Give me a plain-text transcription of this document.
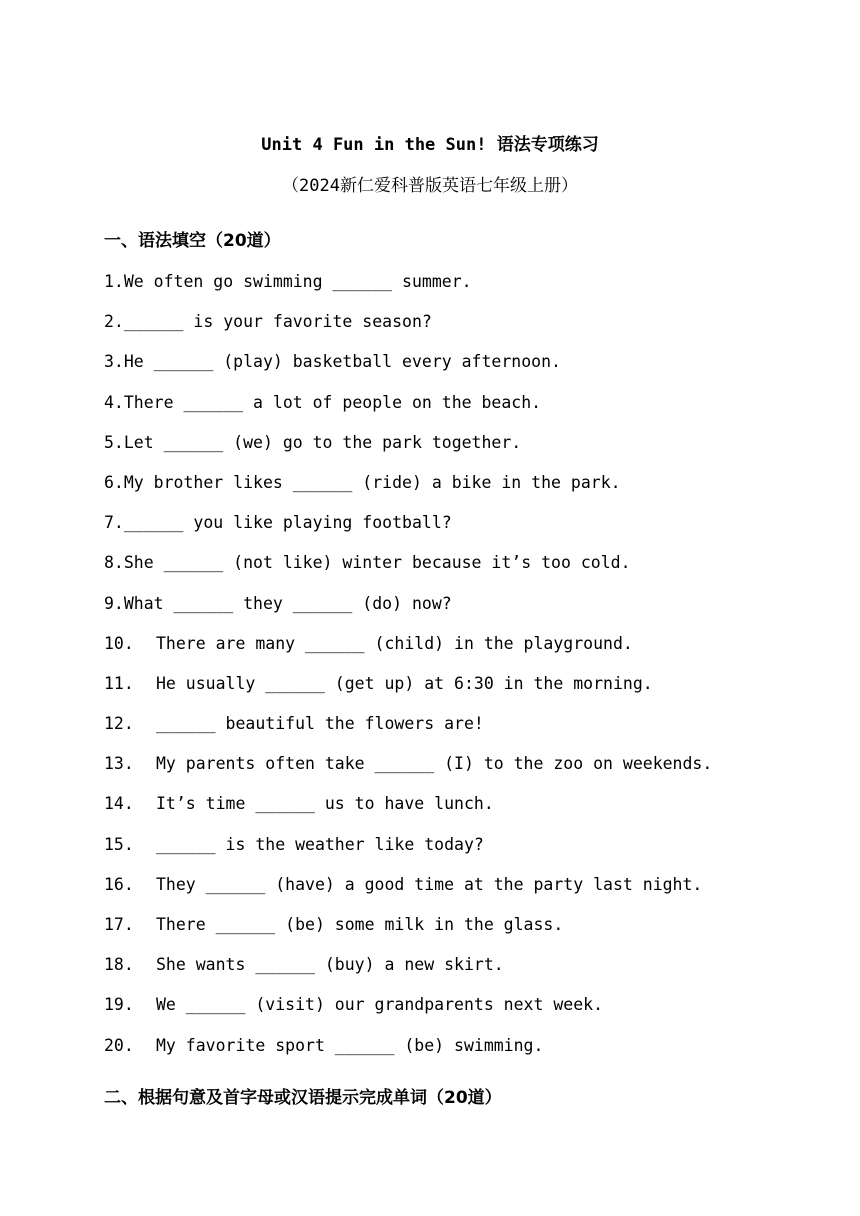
Unit 4 Fun in the Sun! 语法专项练习
（2024新仁爱科普版英语七年级上册）
一、语法填空（20道）
1. We often go swimming ______ summer.
2. ______ is your favorite season?
3. He ______ (play) basketball every afternoon.
4. There ______ a lot of people on the beach.
5. Let ______ (we) go to the park together.
6. My brother likes ______ (ride) a bike in the park.
7. ______ you like playing football?
8. She ______ (not like) winter because it’s too cold.
9. What ______ they ______ (do) now?
10.	There are many ______ (child) in the playground.
11.	He usually ______ (get up) at 6:30 in the morning.
12.	______ beautiful the flowers are!
13.	My parents often take ______ (I) to the zoo on weekends.
14.	It’s time ______ us to have lunch.
15.	______ is the weather like today?
16.	They ______ (have) a good time at the party last night.
17.	There ______ (be) some milk in the glass.
18.	She wants ______ (buy) a new skirt.
19.	We ______ (visit) our grandparents next week.
20.	My favorite sport ______ (be) swimming.
二、根据句意及首字母或汉语提示完成单词（20道）
